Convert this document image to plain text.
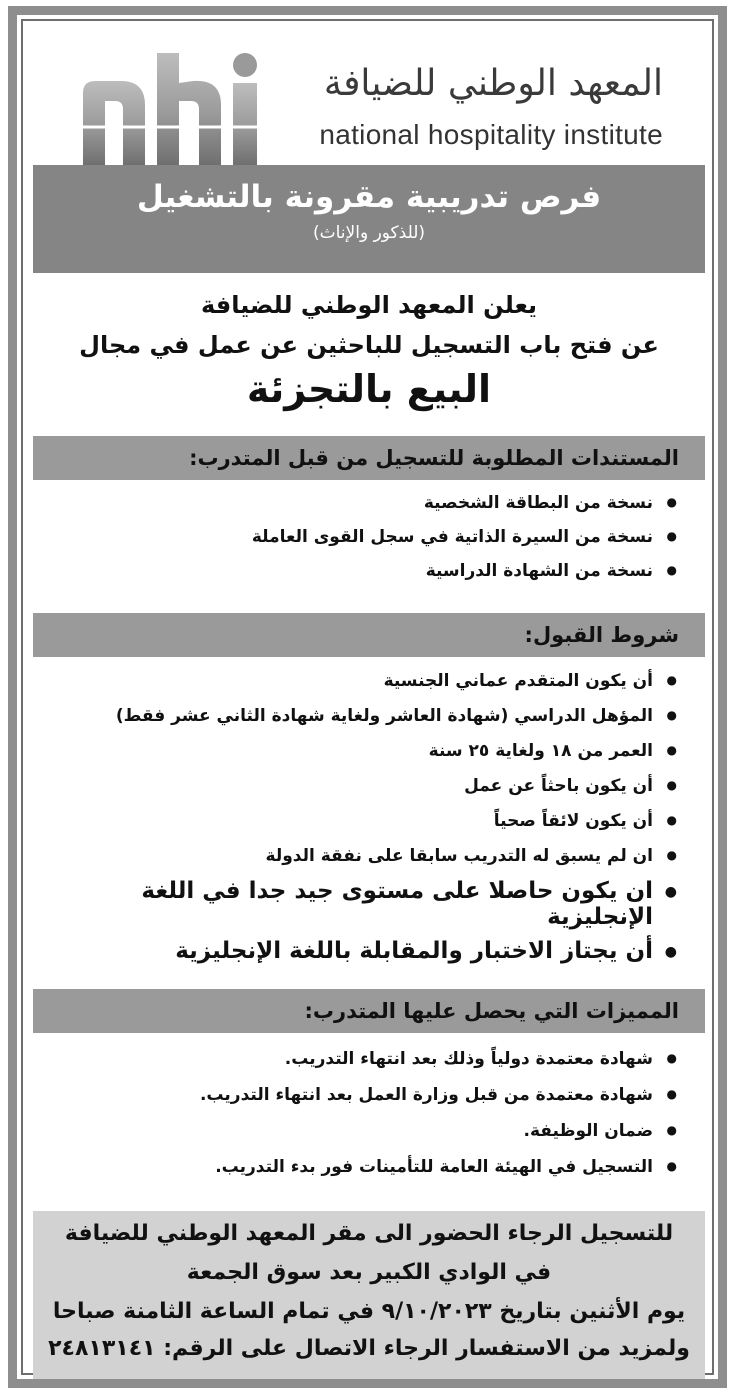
المعهد الوطني للضيافة
national hospitality institute
فرص تدريبية مقرونة بالتشغيل
(للذكور والإناث)
يعلن المعهد الوطني للضيافة
عن فتح باب التسجيل للباحثين عن عمل في مجال
البيع بالتجزئة
المستندات المطلوبة للتسجيل من قبل المتدرب:
● نسخة من البطاقة الشخصية
● نسخة من السيرة الذاتية في سجل القوى العاملة
● نسخة من الشهادة الدراسية
شروط القبول:
● أن يكون المتقدم عماني الجنسية
● المؤهل الدراسي (شهادة العاشر ولغاية شهادة الثاني عشر فقط)
● العمر من ١٨ ولغاية ٢٥ سنة
● أن يكون باحثاً عن عمل
● أن يكون لائقاً صحياً
● ان لم يسبق له التدريب سابقا على نفقة الدولة
● ان يكون حاصلا على مستوى جيد جدا في اللغة الإنجليزية
● أن يجتاز الاختبار والمقابلة باللغة الإنجليزية
المميزات التي يحصل عليها المتدرب:
● شهادة معتمدة دولياً وذلك بعد انتهاء التدريب.
● شهادة معتمدة من قبل وزارة العمل بعد انتهاء التدريب.
● ضمان الوظيفة.
● التسجيل في الهيئة العامة للتأمينات فور بدء التدريب.
للتسجيل الرجاء الحضور الى مقر المعهد الوطني للضيافة
في الوادي الكبير بعد سوق الجمعة
يوم الأثنين بتاريخ ٩/١٠/٢٠٢٣ في تمام الساعة الثامنة صباحا
ولمزيد من الاستفسار الرجاء الاتصال على الرقم: ٢٤٨١٣١٤١
